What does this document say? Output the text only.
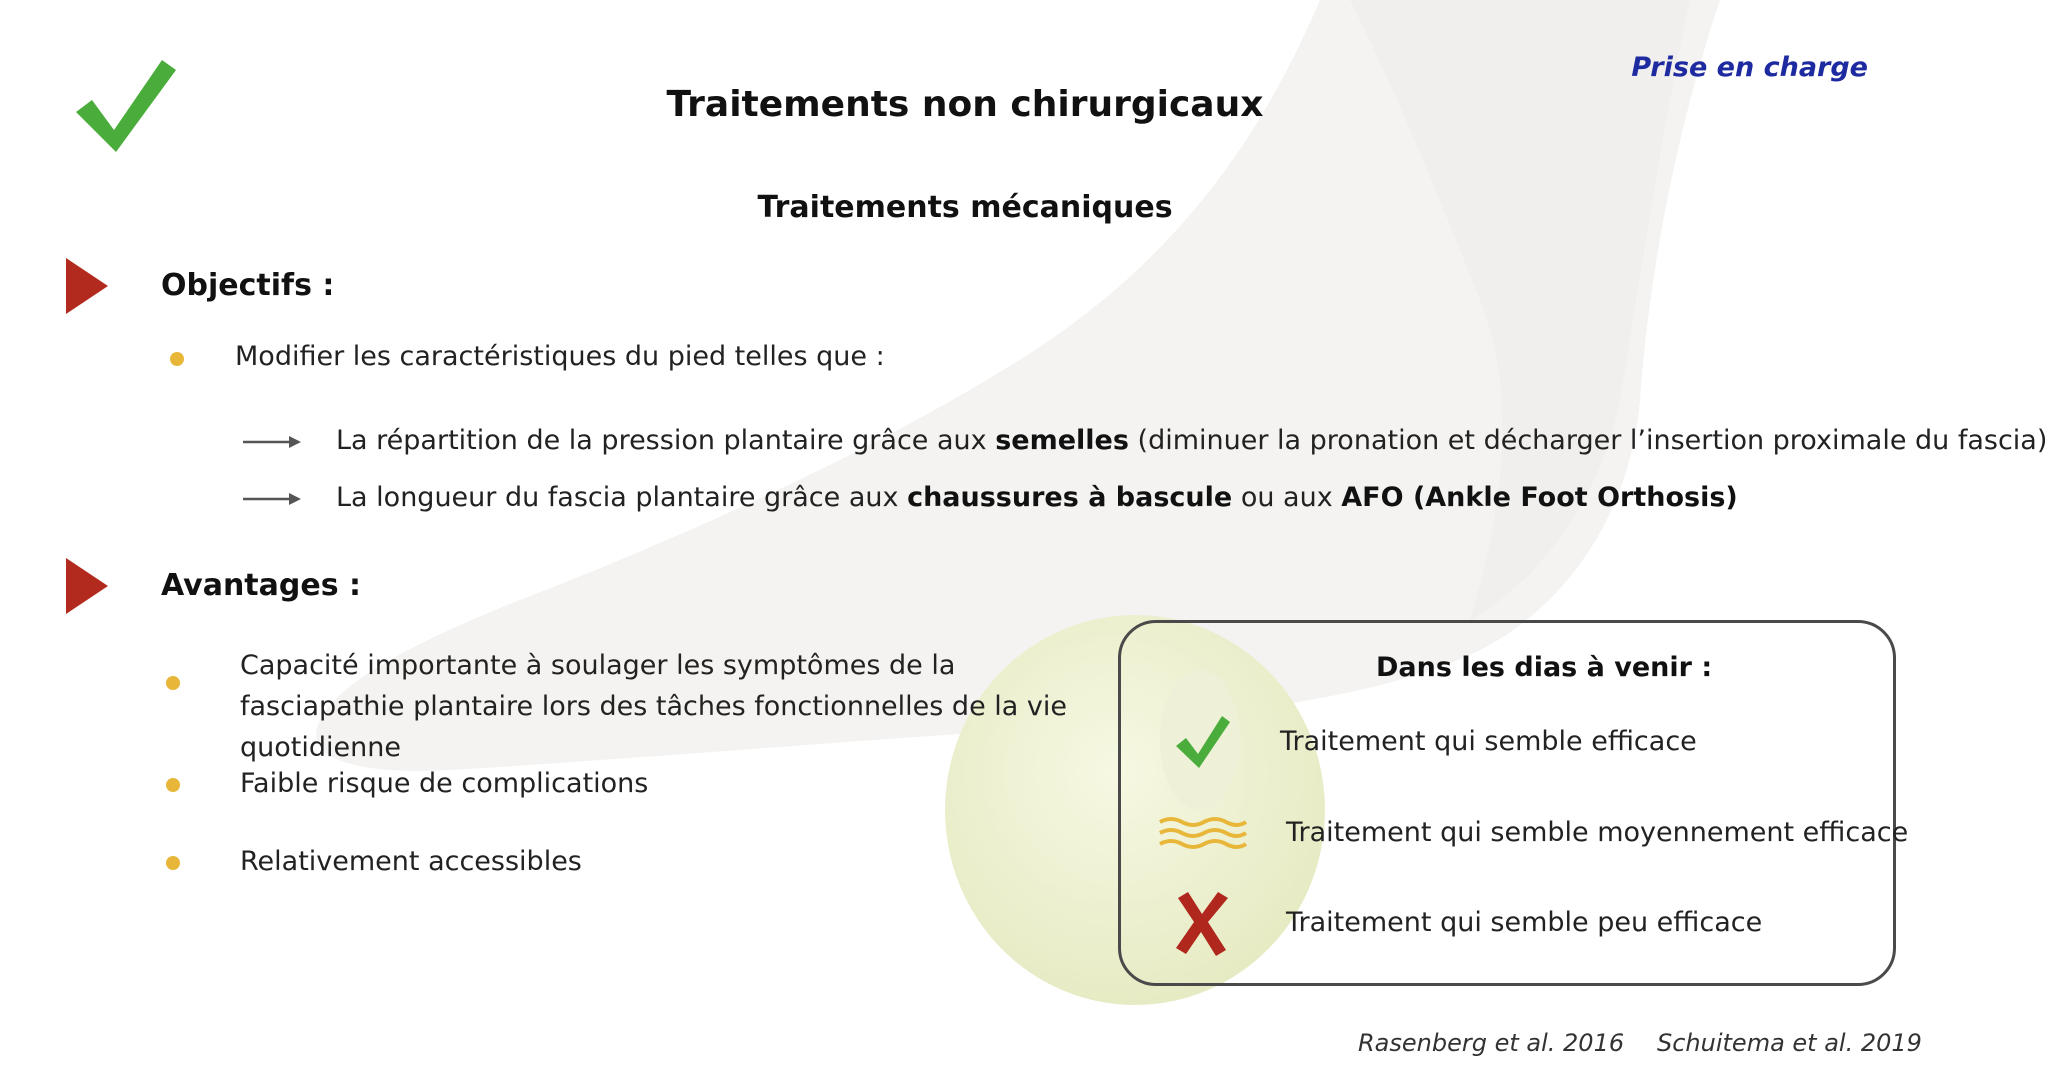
Traitements non chirurgicaux
Prise en charge
Traitements mécaniques
Objectifs :
Modifier les caractéristiques du pied telles que :
La répartition de la pression plantaire grâce aux semelles (diminuer la pronation et décharger l’insertion proximale du fascia)
La longueur du fascia plantaire grâce aux chaussures à bascule ou aux AFO (Ankle Foot Orthosis)
Avantages :
Capacité importante à soulager les symptômes de la fasciapathie plantaire lors des tâches fonctionnelles de la vie quotidienne
Faible risque de complications
Relativement accessibles
Dans les dias à venir :
Traitement qui semble efficace
Traitement qui semble moyennement efficace
Traitement qui semble peu efficace
Rasenberg et al. 2016 Schuitema et al. 2019
